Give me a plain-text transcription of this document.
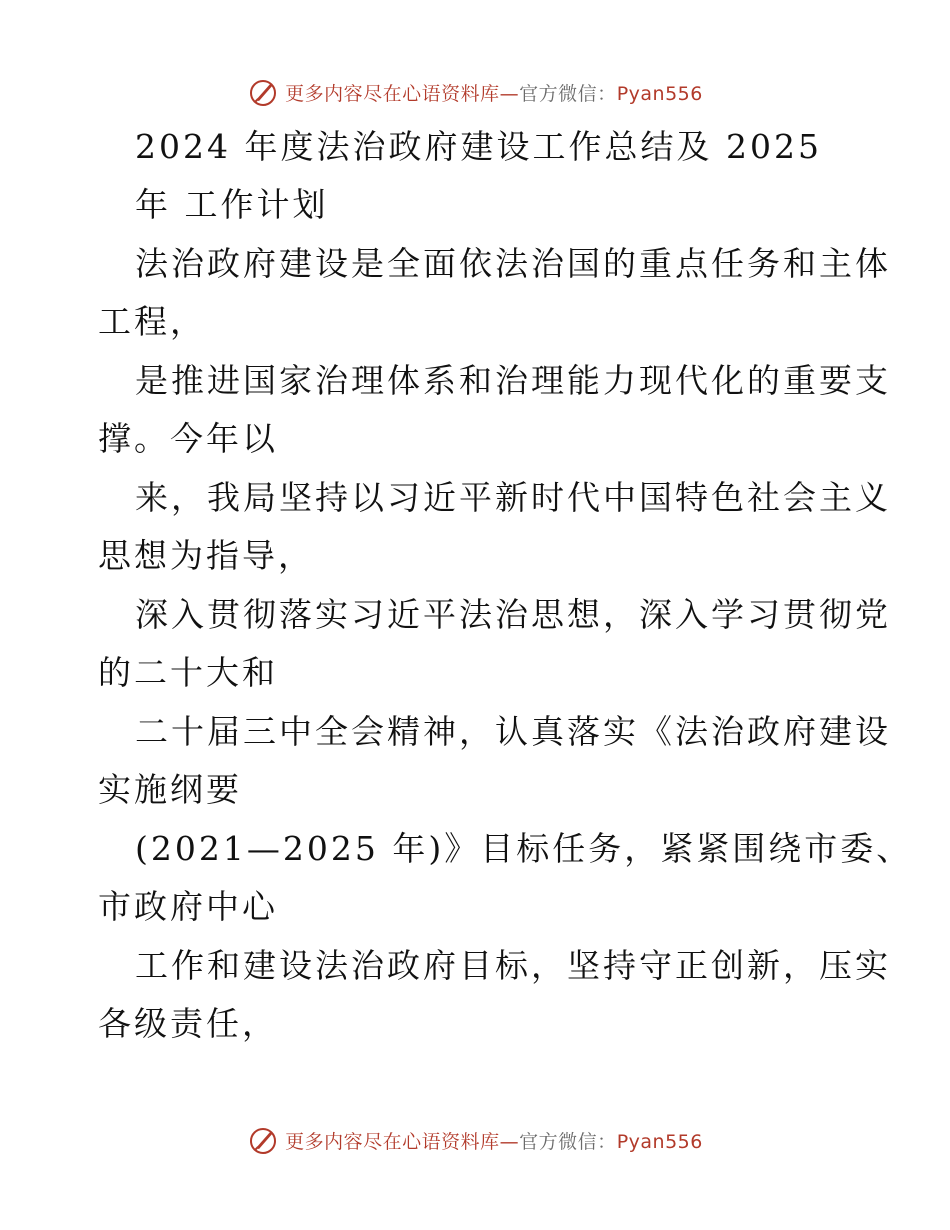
更多内容尽在心语资料库—官方微信：Pyan556
2024 年度法治政府建设工作总结及 2025
年 工作计划
法治政府建设是全面依法治国的重点任务和主体
工程，
是推进国家治理体系和治理能力现代化的重要支
撑。今年以
来，我局坚持以习近平新时代中国特色社会主义
思想为指导，
深入贯彻落实习近平法治思想，深入学习贯彻党
的二十大和
二十届三中全会精神，认真落实《法治政府建设
实施纲要
(2021—2025 年)》目标任务，紧紧围绕市委、
市政府中心
工作和建设法治政府目标，坚持守正创新，压实
各级责任，
更多内容尽在心语资料库—官方微信：Pyan556
